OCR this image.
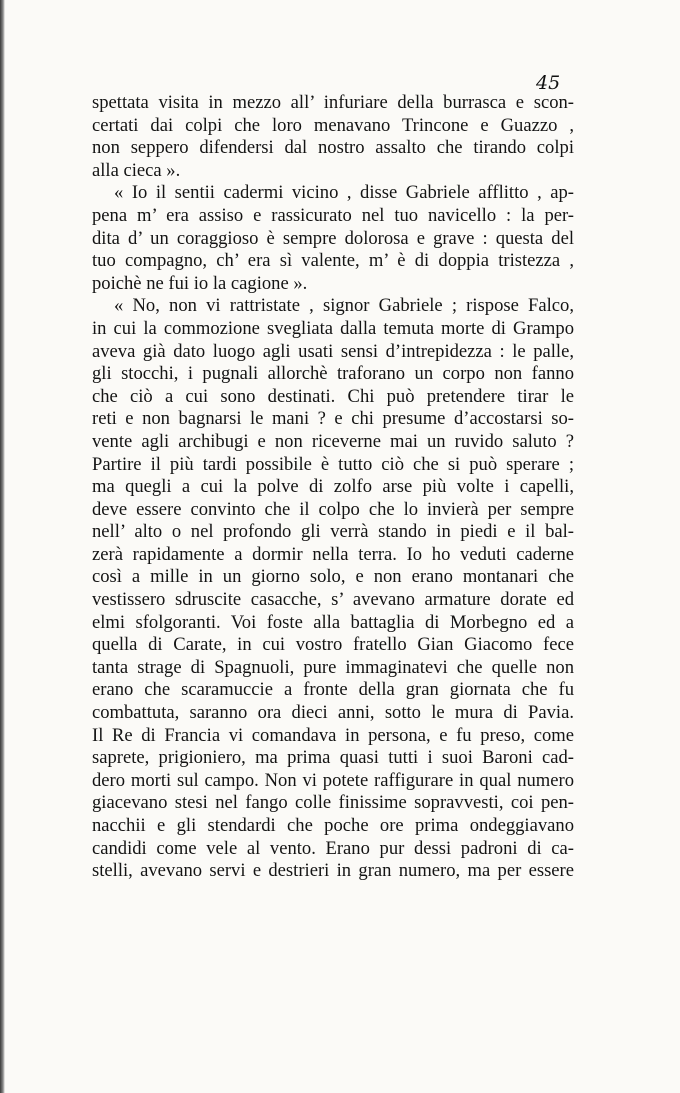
45
spettata visita in mezzo all’ infuriare della burrasca e scon-
certati dai colpi che loro menavano Trincone e Guazzo ,
non seppero difendersi dal nostro assalto che tirando colpi
alla cieca ».
« Io il sentii cadermi vicino , disse Gabriele afflitto , ap-
pena m’ era assiso e rassicurato nel tuo navicello : la per-
dita d’ un coraggioso è sempre dolorosa e grave : questa del
tuo compagno, ch’ era sì valente, m’ è di doppia tristezza ,
poichè ne fui io la cagione ».
« No, non vi rattristate , signor Gabriele ; rispose Falco,
in cui la commozione svegliata dalla temuta morte di Grampo
aveva già dato luogo agli usati sensi d’intrepidezza : le palle,
gli stocchi, i pugnali allorchè traforano un corpo non fanno
che ciò a cui sono destinati. Chi può pretendere tirar le
reti e non bagnarsi le mani ? e chi presume d’accostarsi so-
vente agli archibugi e non riceverne mai un ruvido saluto ?
Partire il più tardi possibile è tutto ciò che si può sperare ;
ma quegli a cui la polve di zolfo arse più volte i capelli,
deve essere convinto che il colpo che lo invierà per sempre
nell’ alto o nel profondo gli verrà stando in piedi e il bal-
zerà rapidamente a dormir nella terra. Io ho veduti caderne
così a mille in un giorno solo, e non erano montanari che
vestissero sdruscite casacche, s’ avevano armature dorate ed
elmi sfolgoranti. Voi foste alla battaglia di Morbegno ed a
quella di Carate, in cui vostro fratello Gian Giacomo fece
tanta strage di Spagnuoli, pure immaginatevi che quelle non
erano che scaramuccie a fronte della gran giornata che fu
combattuta, saranno ora dieci anni, sotto le mura di Pavia.
Il Re di Francia vi comandava in persona, e fu preso, come
saprete, prigioniero, ma prima quasi tutti i suoi Baroni cad-
dero morti sul campo. Non vi potete raffigurare in qual numero
giacevano stesi nel fango colle finissime sopravvesti, coi pen-
nacchii e gli stendardi che poche ore prima ondeggiavano
candidi come vele al vento. Erano pur dessi padroni di ca-
stelli, avevano servi e destrieri in gran numero, ma per essere
